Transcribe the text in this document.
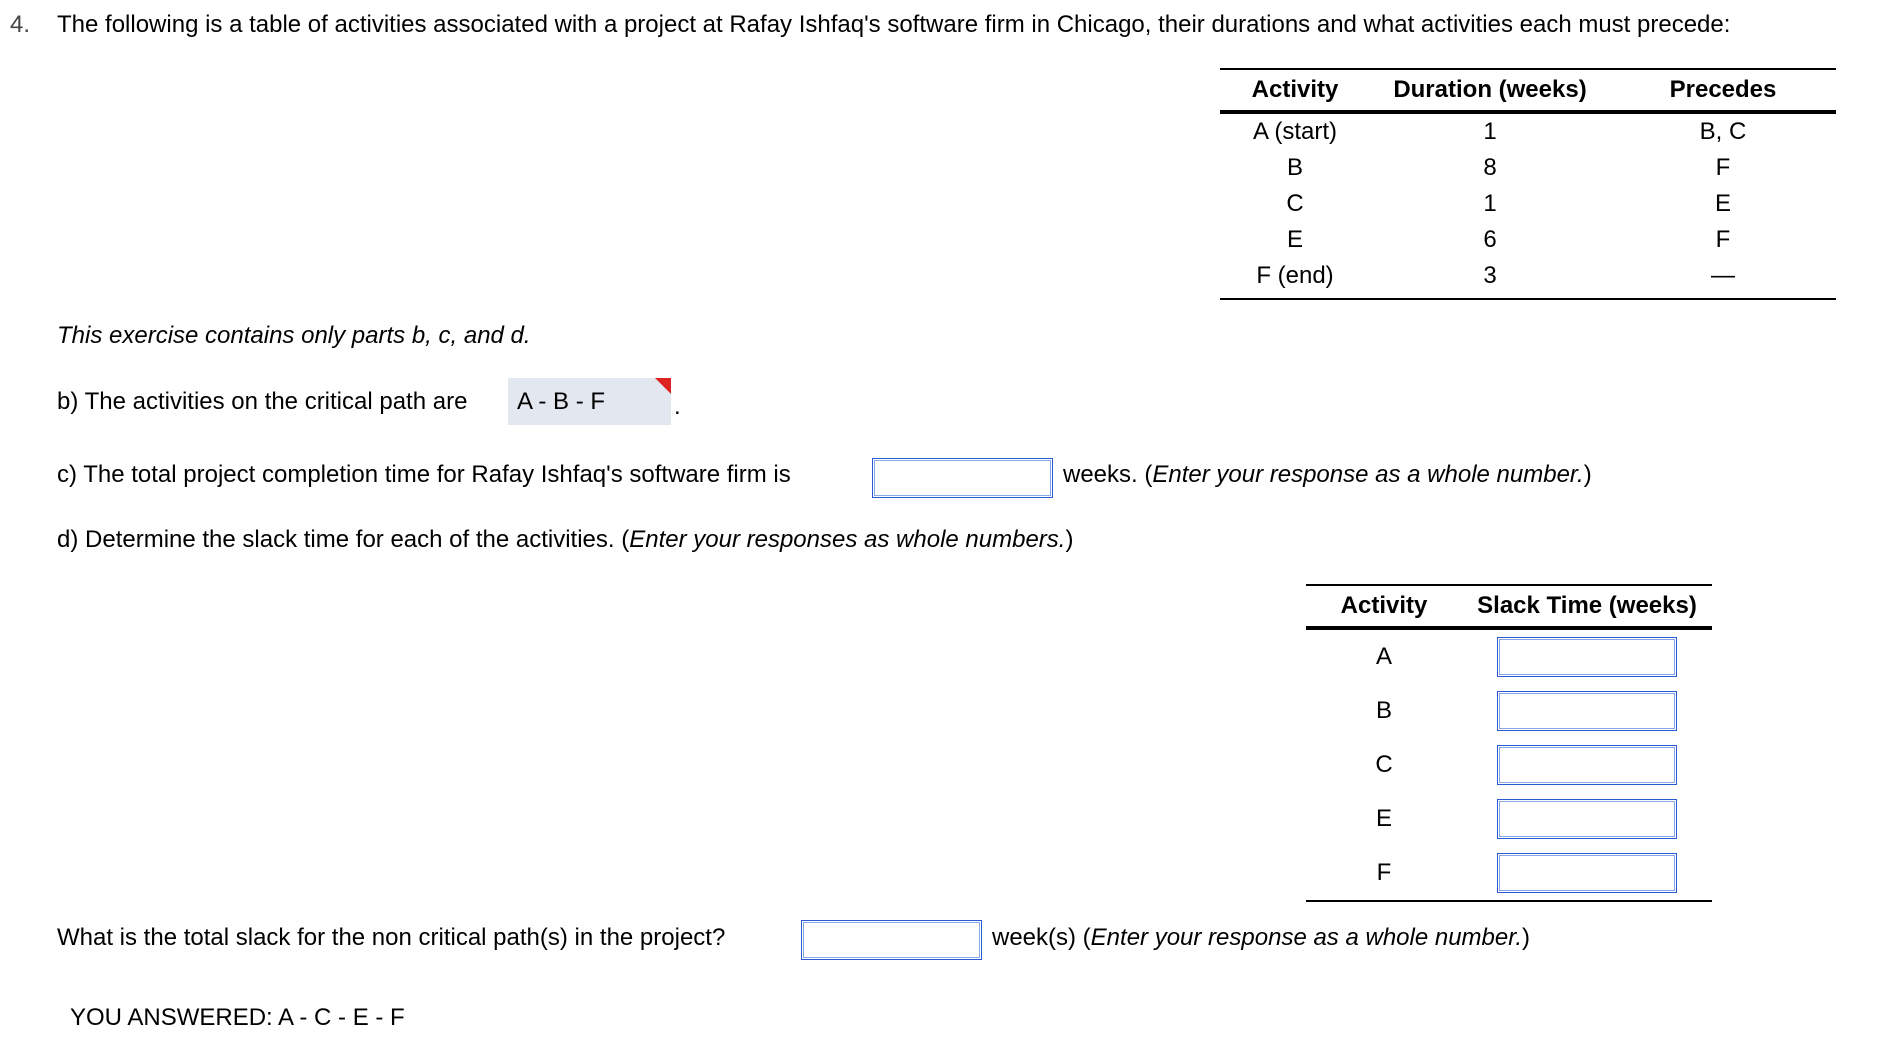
4. The following is a table of activities associated with a project at Rafay Ishfaq's software firm in Chicago, their durations and what activities each must precede:
Activity	Duration (weeks)	Precedes
A (start)	1	B, C
B	8	F
C	1	E
E	6	F
F (end)	3	—
This exercise contains only parts b, c, and d.
b) The activities on the critical path are	A - B - F	.
c) The total project completion time for Rafay Ishfaq's software firm is	weeks. (Enter your response as a whole number.)
d) Determine the slack time for each of the activities. (Enter your responses as whole numbers.)
Activity	Slack Time (weeks)
A	
B	
C	
E	
F	
What is the total slack for the non critical path(s) in the project?	week(s) (Enter your response as a whole number.)
YOU ANSWERED: A - C - E - F
